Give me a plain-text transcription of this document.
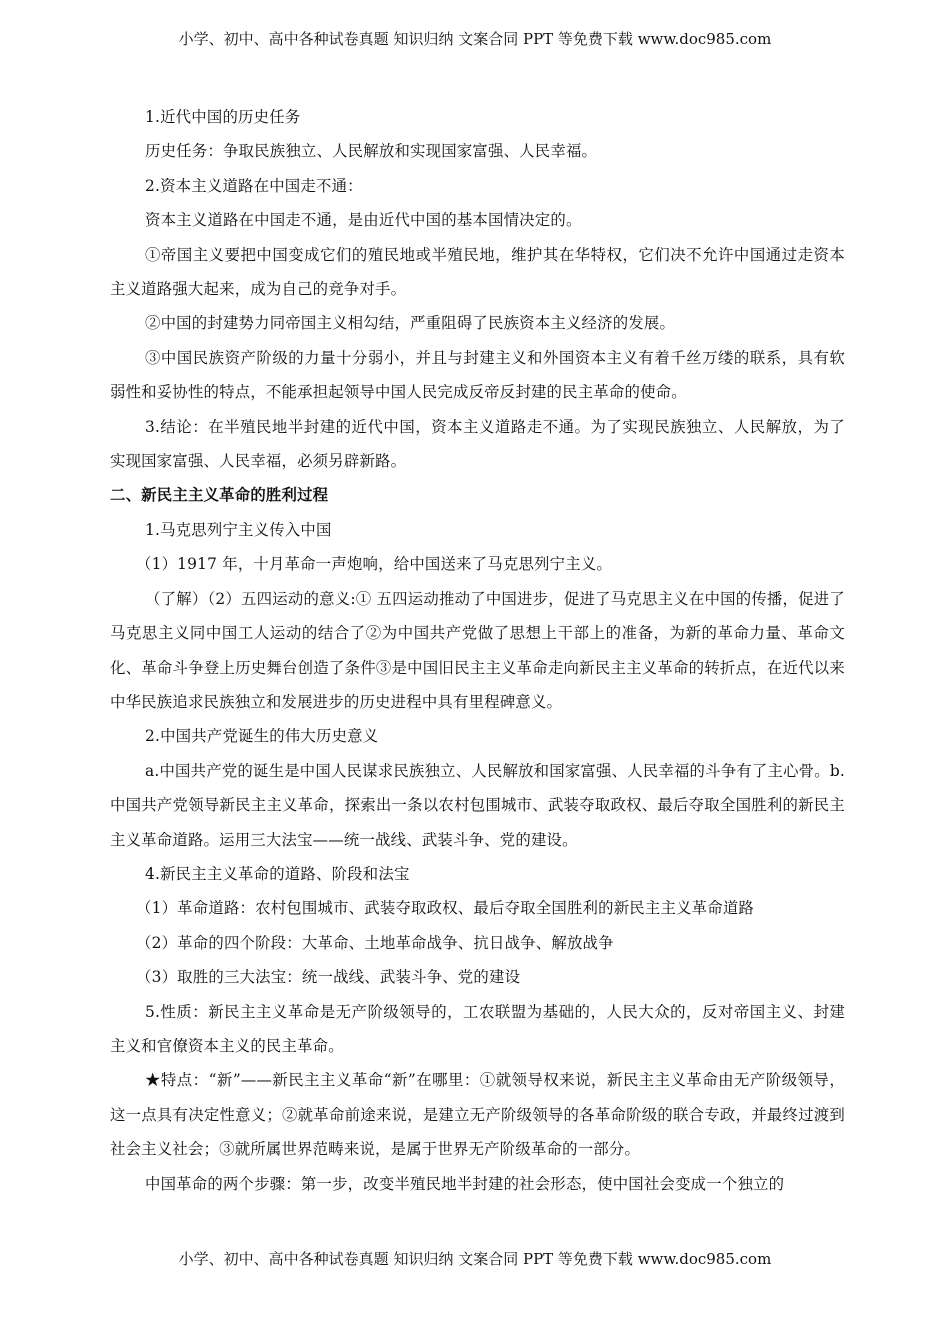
小学、初中、高中各种试卷真题 知识归纳 文案合同 PPT 等免费下载 www.doc985.com

1.近代中国的历史任务

历史任务：争取民族独立、人民解放和实现国家富强、人民幸福。

2.资本主义道路在中国走不通：

资本主义道路在中国走不通，是由近代中国的基本国情决定的。

①帝国主义要把中国变成它们的殖民地或半殖民地，维护其在华特权，它们决不允许中国通过走资本主义道路强大起来，成为自己的竞争对手。

②中国的封建势力同帝国主义相勾结，严重阻碍了民族资本主义经济的发展。

③中国民族资产阶级的力量十分弱小，并且与封建主义和外国资本主义有着千丝万缕的联系，具有软弱性和妥协性的特点，不能承担起领导中国人民完成反帝反封建的民主革命的使命。

3.结论：在半殖民地半封建的近代中国，资本主义道路走不通。为了实现民族独立、人民解放，为了实现国家富强、人民幸福，必须另辟新路。

二、新民主主义革命的胜利过程

1.马克思列宁主义传入中国

（1）1917 年，十月革命一声炮响，给中国送来了马克思列宁主义。

（了解）（2）五四运动的意义:① 五四运动推动了中国进步，促进了马克思主义在中国的传播，促进了马克思主义同中国工人运动的结合了②为中国共产党做了思想上干部上的准备，为新的革命力量、革命文化、革命斗争登上历史舞台创造了条件③是中国旧民主主义革命走向新民主主义革命的转折点，在近代以来中华民族追求民族独立和发展进步的历史进程中具有里程碑意义。

2.中国共产党诞生的伟大历史意义

a.中国共产党的诞生是中国人民谋求民族独立、人民解放和国家富强、人民幸福的斗争有了主心骨。b.中国共产党领导新民主主义革命，探索出一条以农村包围城市、武装夺取政权、最后夺取全国胜利的新民主主义革命道路。运用三大法宝——统一战线、武装斗争、党的建设。

4.新民主主义革命的道路、阶段和法宝

（1）革命道路：农村包围城市、武装夺取政权、最后夺取全国胜利的新民主主义革命道路

（2）革命的四个阶段：大革命、土地革命战争、抗日战争、解放战争

（3）取胜的三大法宝：统一战线、武装斗争、党的建设

5.性质：新民主主义革命是无产阶级领导的，工农联盟为基础的，人民大众的，反对帝国主义、封建主义和官僚资本主义的民主革命。

★特点：“新”——新民主主义革命“新”在哪里：①就领导权来说，新民主主义革命由无产阶级领导，这一点具有决定性意义；②就革命前途来说，是建立无产阶级领导的各革命阶级的联合专政，并最终过渡到社会主义社会；③就所属世界范畴来说，是属于世界无产阶级革命的一部分。

中国革命的两个步骤：第一步，改变半殖民地半封建的社会形态，使中国社会变成一个独立的

小学、初中、高中各种试卷真题 知识归纳 文案合同 PPT 等免费下载 www.doc985.com
